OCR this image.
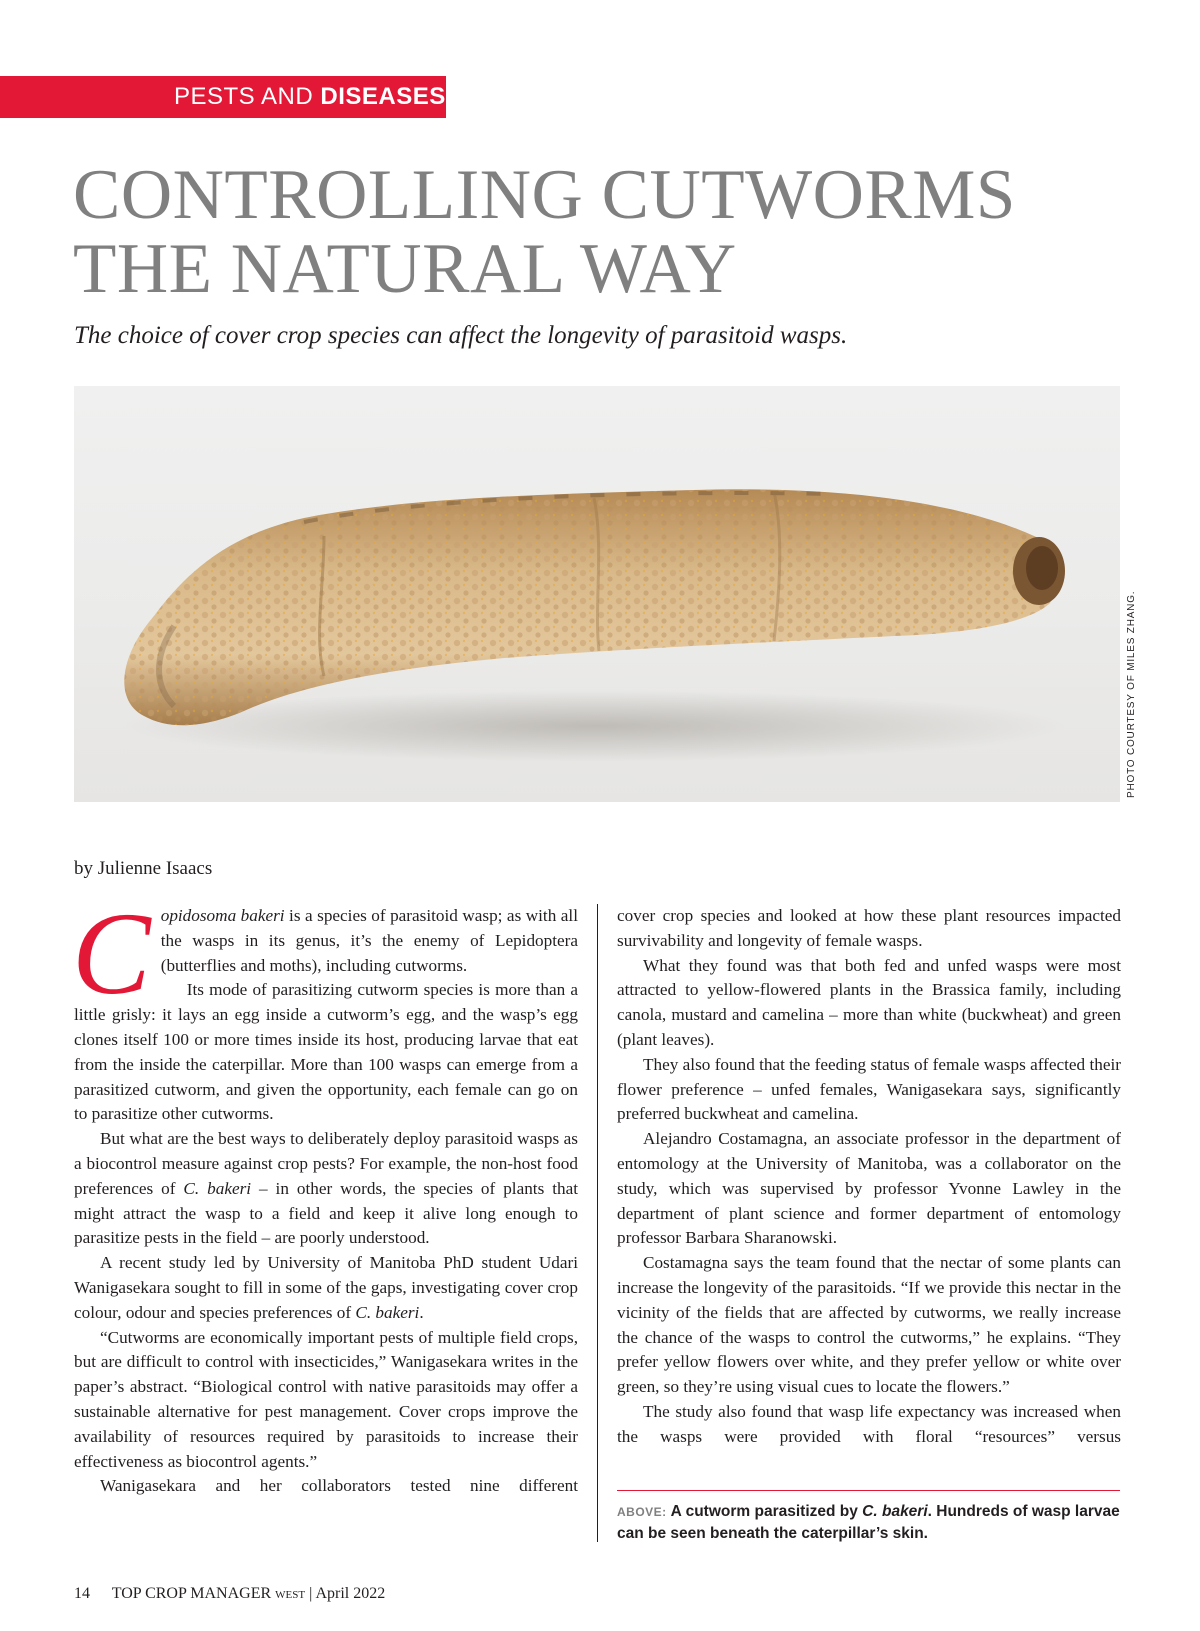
PESTS AND DISEASES
CONTROLLING CUTWORMS
THE NATURAL WAY

The choice of cover crop species can affect the longevity of parasitoid wasps.

PHOTO COURTESY OF MILES ZHANG.

by Julienne Isaacs

Copidosoma bakeri is a species of parasitoid wasp; as with all the wasps in its genus, it’s the enemy of Lepidoptera (butterflies and moths), including cutworms.

Its mode of parasitizing cutworm species is more than a little grisly: it lays an egg inside a cutworm’s egg, and the wasp’s egg clones itself 100 or more times inside its host, producing larvae that eat from the inside the caterpillar. More than 100 wasps can emerge from a parasitized cutworm, and given the opportunity, each female can go on to parasitize other cutworms.

But what are the best ways to deliberately deploy parasitoid wasps as a biocontrol measure against crop pests? For example, the non-host food preferences of C. bakeri – in other words, the species of plants that might attract the wasp to a field and keep it alive long enough to parasitize pests in the field – are poorly understood.

A recent study led by University of Manitoba PhD student Udari Wanigasekara sought to fill in some of the gaps, investigating cover crop colour, odour and species preferences of C. bakeri.

“Cutworms are economically important pests of multiple field crops, but are difficult to control with insecticides,” Wanigasekara writes in the paper’s abstract. “Biological control with native parasitoids may offer a sustainable alternative for pest management. Cover crops improve the availability of resources required by parasitoids to increase their effectiveness as biocontrol agents.”

Wanigasekara and her collaborators tested nine different

cover crop species and looked at how these plant resources impacted survivability and longevity of female wasps.

What they found was that both fed and unfed wasps were most attracted to yellow-flowered plants in the Brassica family, including canola, mustard and camelina – more than white (buckwheat) and green (plant leaves).

They also found that the feeding status of female wasps affected their flower preference – unfed females, Wanigasekara says, significantly preferred buckwheat and camelina.

Alejandro Costamagna, an associate professor in the department of entomology at the University of Manitoba, was a collaborator on the study, which was supervised by professor Yvonne Lawley in the department of plant science and former department of entomology professor Barbara Sharanowski.

Costamagna says the team found that the nectar of some plants can increase the longevity of the parasitoids. “If we provide this nectar in the vicinity of the fields that are affected by cutworms, we really increase the chance of the wasps to control the cutworms,” he explains. “They prefer yellow flowers over white, and they prefer yellow or white over green, so they’re using visual cues to locate the flowers.”

The study also found that wasp life expectancy was increased when the wasps were provided with floral “resources” versus

ABOVE: A cutworm parasitized by C. bakeri. Hundreds of wasp larvae can be seen beneath the caterpillar’s skin.

14 TOP CROP MANAGER WEST | April 2022
